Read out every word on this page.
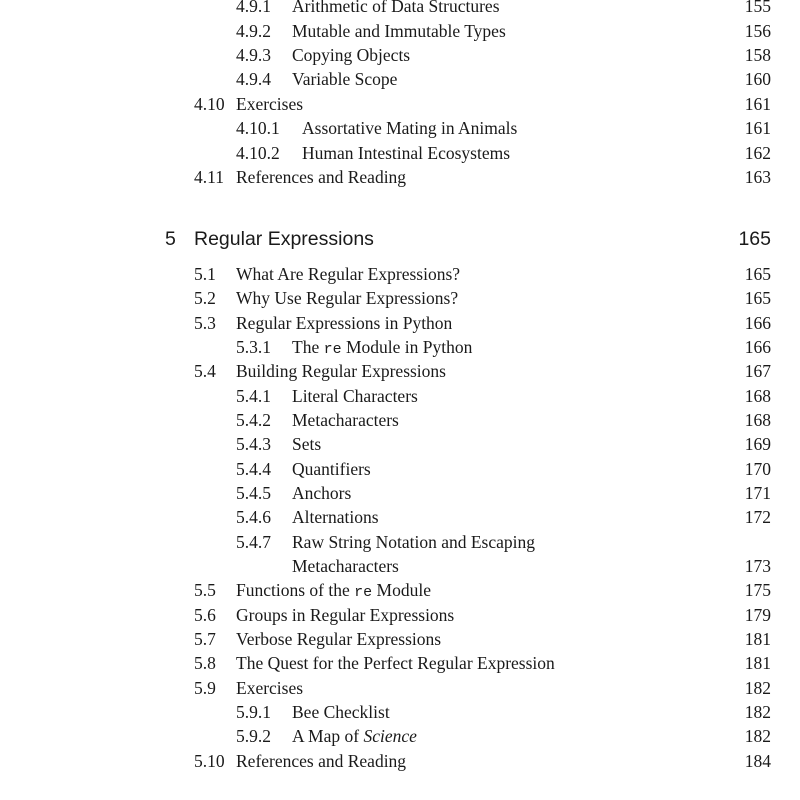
4.9.1 Arithmetic of Data Structures	155
4.9.2 Mutable and Immutable Types	156
4.9.3 Copying Objects	158
4.9.4 Variable Scope	160
4.10 Exercises	161
4.10.1 Assortative Mating in Animals	161
4.10.2 Human Intestinal Ecosystems	162
4.11 References and Reading	163
5 Regular Expressions	165
5.1 What Are Regular Expressions?	165
5.2 Why Use Regular Expressions?	165
5.3 Regular Expressions in Python	166
5.3.1 The re Module in Python	166
5.4 Building Regular Expressions	167
5.4.1 Literal Characters	168
5.4.2 Metacharacters	168
5.4.3 Sets	169
5.4.4 Quantifiers	170
5.4.5 Anchors	171
5.4.6 Alternations	172
5.4.7 Raw String Notation and Escaping
Metacharacters	173
5.5 Functions of the re Module	175
5.6 Groups in Regular Expressions	179
5.7 Verbose Regular Expressions	181
5.8 The Quest for the Perfect Regular Expression	181
5.9 Exercises	182
5.9.1 Bee Checklist	182
5.9.2 A Map of Science	182
5.10 References and Reading	184
